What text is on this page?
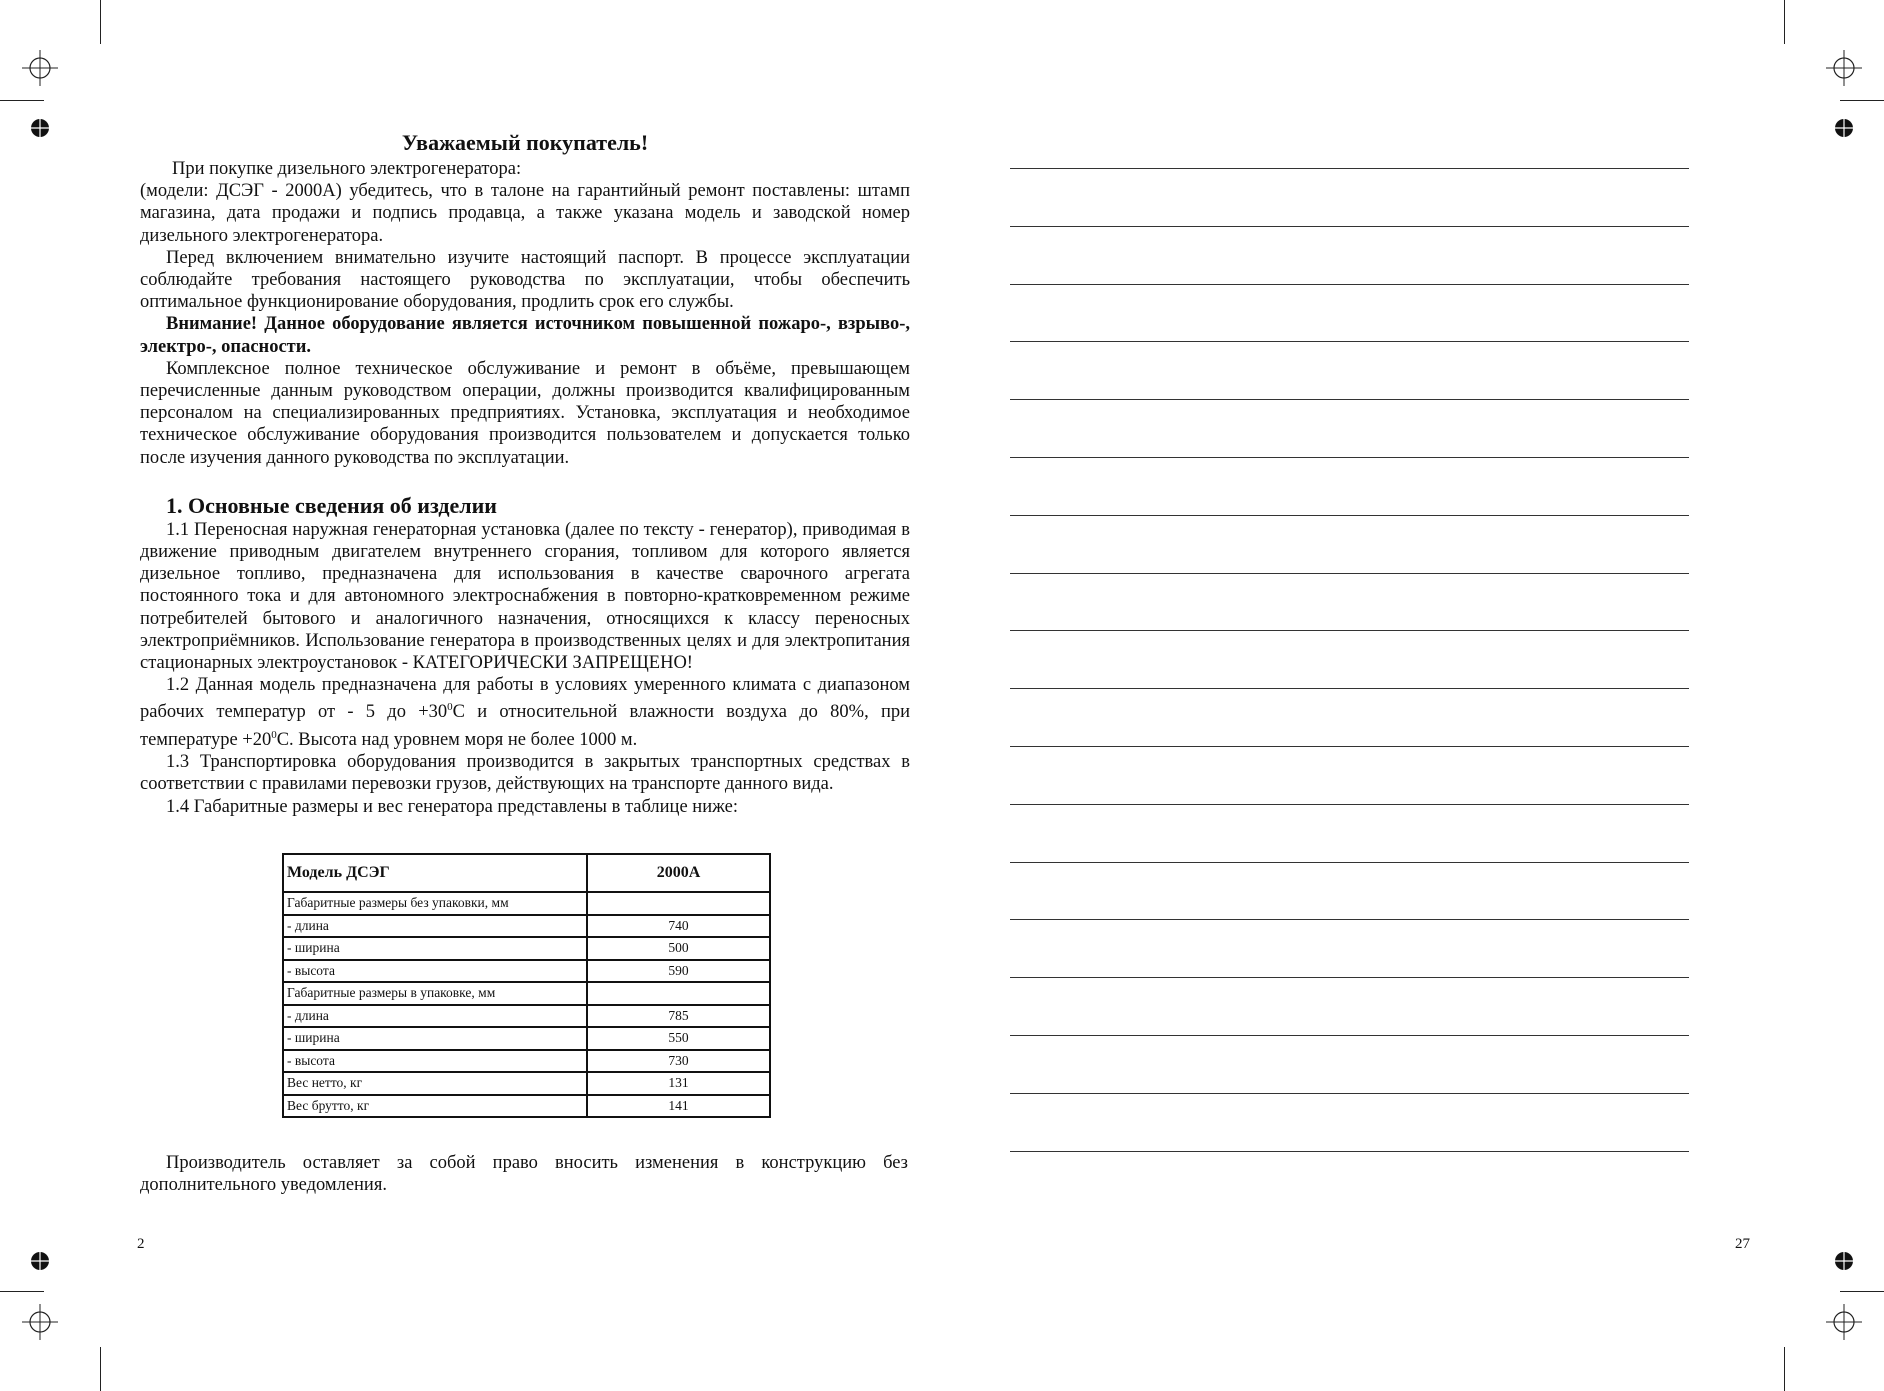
Уважаемый покупатель!

При покупке дизельного электрогенератора:

(модели: ДСЭГ - 2000А) убедитесь, что в талоне на гарантийный ремонт поставлены: штамп магазина, дата продажи и подпись продавца, а также указана модель и заводской номер дизельного электрогенератора.

Перед включением внимательно изучите настоящий паспорт. В процессе эксплуатации соблюдайте требования настоящего руководства по эксплуатации, чтобы обеспечить оптимальное функционирование оборудования, продлить срок его службы.

Внимание! Данное оборудование является источником повышенной пожаро-, взрыво-, электро-, опасности.

Комплексное полное техническое обслуживание и ремонт в объёме, превышающем перечисленные данным руководством операции, должны производится квалифицированным персоналом на специализированных предприятиях. Установка, эксплуатация и необходимое техническое обслуживание оборудования производится пользователем и допускается только после изучения данного руководства по эксплуатации.

1. Основные сведения об изделии

1.1 Переносная наружная генераторная установка (далее по тексту - генератор), приводимая в движение приводным двигателем внутреннего сгорания, топливом для которого является дизельное топливо, предназначена для использования в качестве сварочного агрегата постоянного тока и для автономного электроснабжения в повторно-кратковременном режиме потребителей бытового и аналогичного назначения, относящихся к классу переносных электроприёмников. Использование генератора в производственных целях и для электропитания стационарных электроустановок - КАТЕГОРИЧЕСКИ ЗАПРЕЩЕНО!

1.2 Данная модель предназначена для работы в условиях умеренного климата с диапазоном рабочих температур от - 5 до $+30^0С$ и относительной влажности воздуха до 80%, при температуре $+20^0С$. Высота над уровнем моря не более 1000 м.

1.3 Транспортировка оборудования производится в закрытых транспортных средствах в соответствии с правилами перевозки грузов, действующих на транспорте данного вида.

1.4 Габаритные размеры и вес генератора представлены в таблице ниже:

Модель ДСЭГ	2000А
Габаритные размеры без упаковки, мм	
- длина	740
- ширина	500
- высота	590
Габаритные размеры в упаковке, мм	
- длина	785
- ширина	550
- высота	730
Вес нетто, кг	131
Вес брутто, кг	141

Производитель оставляет за собой право вносить изменения в конструкцию без дополнительного уведомления.

2	27
